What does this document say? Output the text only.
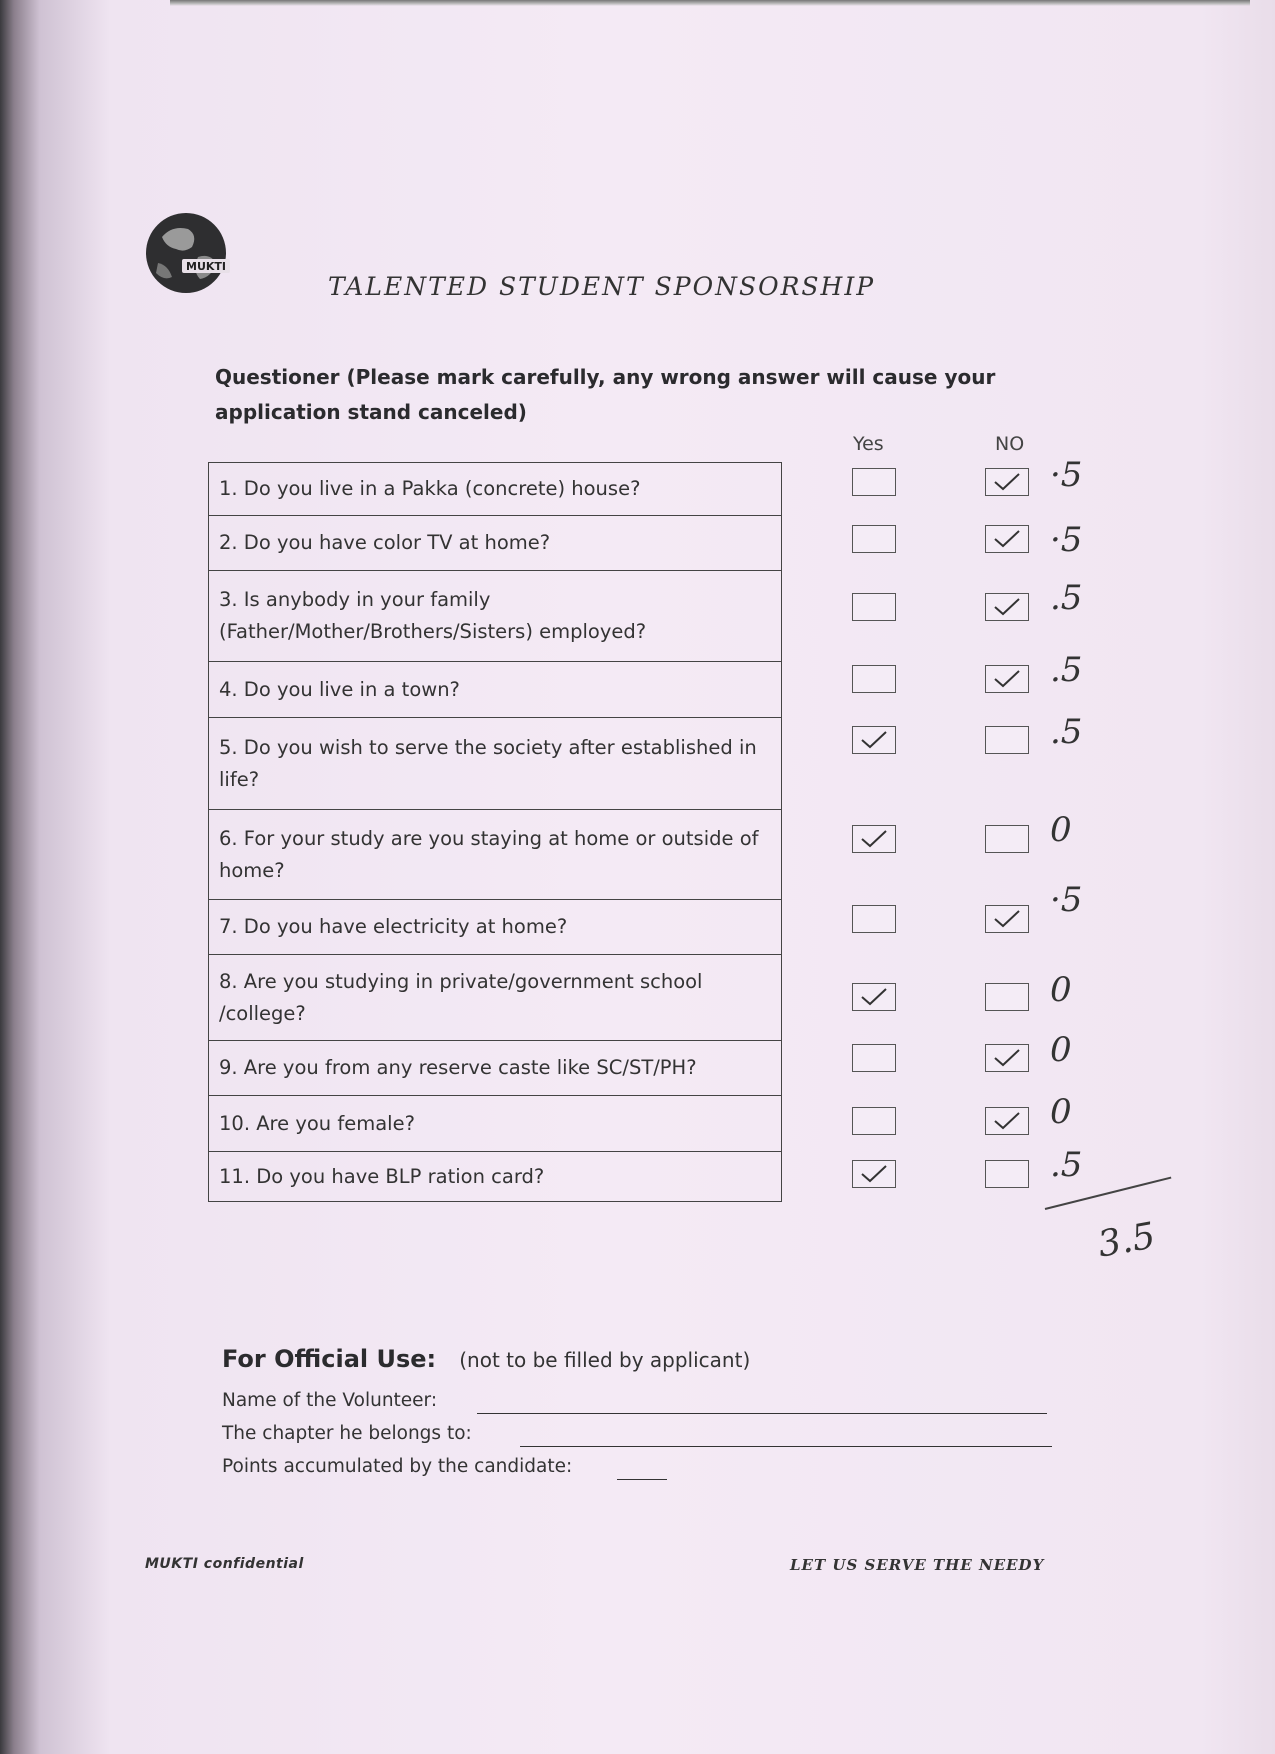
MUKTI
TALENTED STUDENT SPONSORSHIP
Questioner (Please mark carefully, any wrong answer will cause your application stand canceled)
Yes	NO
1. Do you live in a Pakka (concrete) house?
2. Do you have color TV at home?
3. Is anybody in your family (Father/Mother/Brothers/Sisters) employed?
4. Do you live in a town?
5. Do you wish to serve the society after established in life?
6. For your study are you staying at home or outside of home?
7. Do you have electricity at home?
8. Are you studying in private/government school /college?
9. Are you from any reserve caste like SC/ST/PH?
10. Are you female?
11. Do you have BLP ration card?
·5
·5
.5
.5
.5
0
·5
0
0
0
.5
3.5
For Official Use: (not to be filled by applicant)
Name of the Volunteer:
The chapter he belongs to:
Points accumulated by the candidate:
MUKTI confidential	LET US SERVE THE NEEDY
